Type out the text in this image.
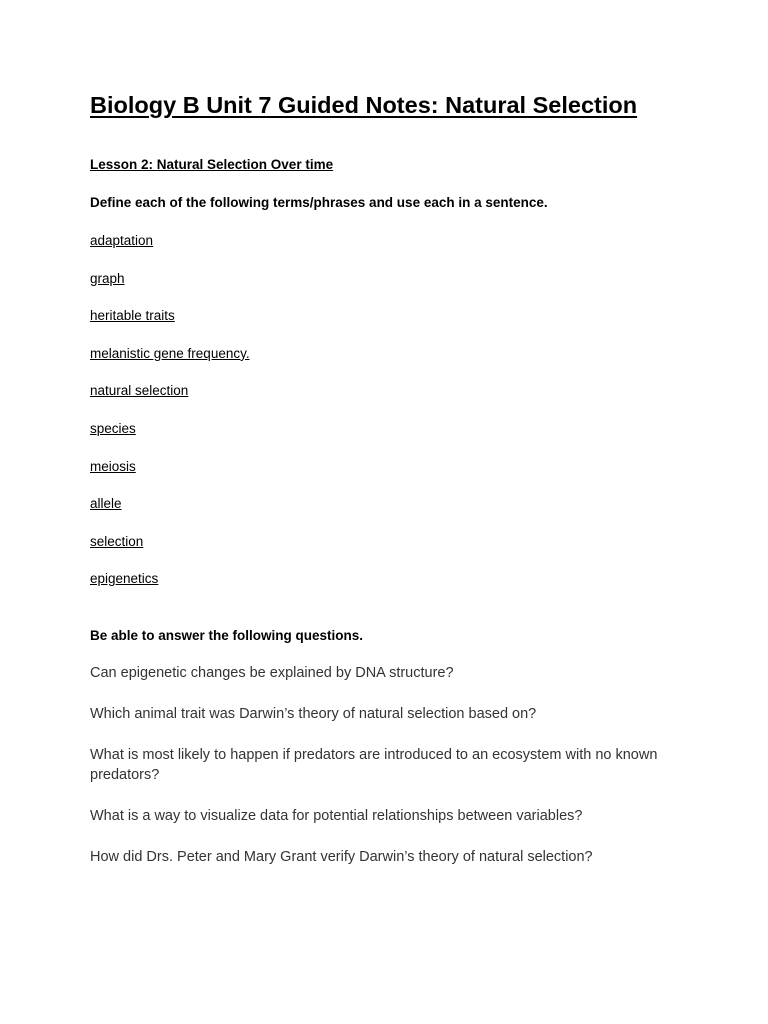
Biology B Unit 7 Guided Notes: Natural Selection
Lesson 2: Natural Selection Over time
Define each of the following terms/phrases and use each in a sentence.
adaptation
graph
heritable traits
melanistic gene frequency.
natural selection
species
meiosis
allele
selection
epigenetics
Be able to answer the following questions.
Can epigenetic changes be explained by DNA structure?
Which animal trait was Darwin’s theory of natural selection based on?
What is most likely to happen if predators are introduced to an ecosystem with no known predators?
What is a way to visualize data for potential relationships between variables?
How did Drs. Peter and Mary Grant verify Darwin’s theory of natural selection?
